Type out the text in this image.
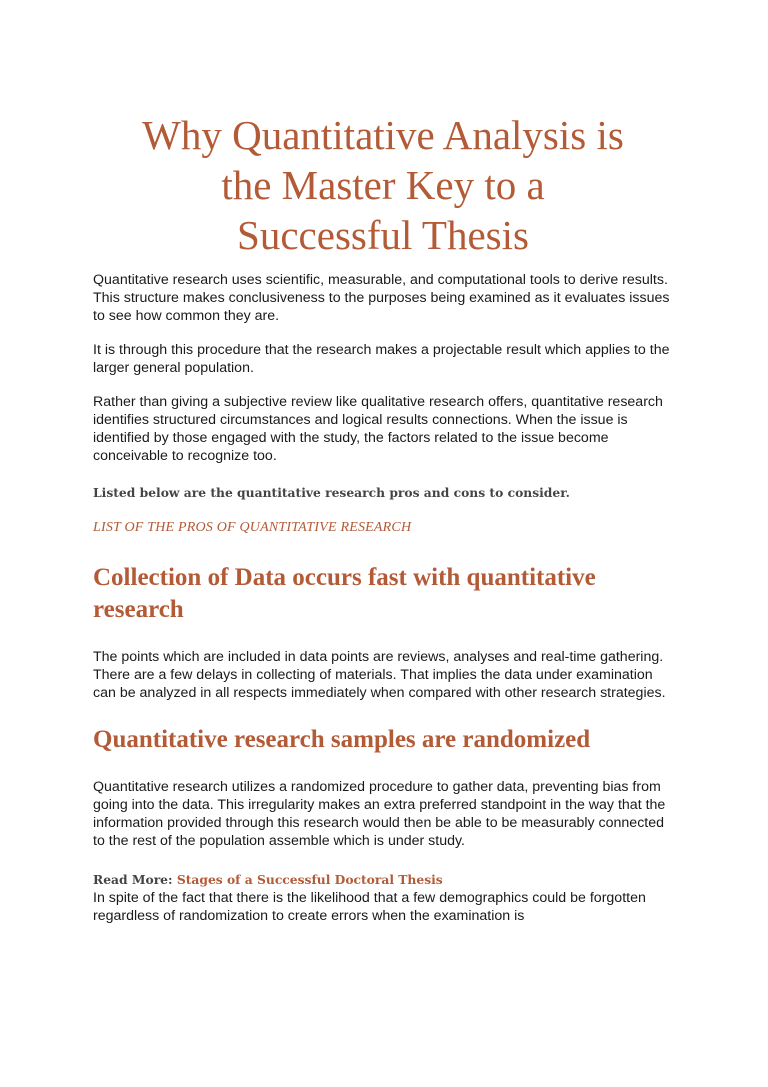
Why Quantitative Analysis is
the Master Key to a
Successful Thesis

Quantitative research uses scientific, measurable, and computational tools to derive results. This structure makes conclusiveness to the purposes being examined as it evaluates issues to see how common they are.

It is through this procedure that the research makes a projectable result which applies to the larger general population.

Rather than giving a subjective review like qualitative research offers, quantitative research identifies structured circumstances and logical results connections. When the issue is identified by those engaged with the study, the factors related to the issue become conceivable to recognize too.

Listed below are the quantitative research pros and cons to consider.
LIST OF THE PROS OF QUANTITATIVE RESEARCH
Collection of Data occurs fast with quantitative research

The points which are included in data points are reviews, analyses and real-time gathering. There are a few delays in collecting of materials. That implies the data under examination can be analyzed in all respects immediately when compared with other research strategies.

Quantitative research samples are randomized

Quantitative research utilizes a randomized procedure to gather data, preventing bias from going into the data. This irregularity makes an extra preferred standpoint in the way that the information provided through this research would then be able to be measurably connected to the rest of the population assemble which is under study.

Read More: Stages of a Successful Doctoral Thesis

In spite of the fact that there is the likelihood that a few demographics could be forgotten regardless of randomization to create errors when the examination is
